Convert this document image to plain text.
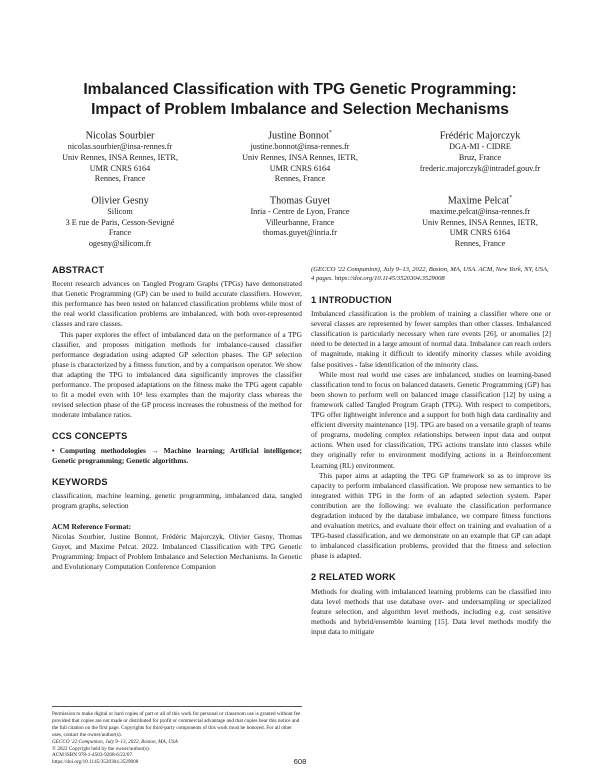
Imbalanced Classification with TPG Genetic Programming:
Impact of Problem Imbalance and Selection Mechanisms
Nicolas Sourbier
nicolas.sourbier@insa-rennes.fr
Univ Rennes, INSA Rennes, IETR,
UMR CNRS 6164
Rennes, France
Justine Bonnot*
justine.bonnot@insa-rennes.fr
Univ Rennes, INSA Rennes, IETR,
UMR CNRS 6164
Rennes, France
Frédéric Majorczyk
DGA-MI - CIDRE
Bruz, France
frederic.majorczyk@intradef.gouv.fr
Olivier Gesny
Silicom
3 E rue de Paris, Cesson-Sevigné
France
ogesny@silicom.fr
Thomas Guyet
Inria - Centre de Lyon, France
Villeurbanne, France
thomas.guyet@inria.fr
Maxime Pelcat*
maxime.pelcat@insa-rennes.fr
Univ Rennes, INSA Rennes, IETR,
UMR CNRS 6164
Rennes, France
ABSTRACT

Recent research advances on Tangled Program Graphs (TPGs) have demonstrated that Genetic Programming (GP) can be used to build accurate classifiers. However, this performance has been tested on balanced classification problems while most of the real world classification problems are imbalanced, with both over-represented classes and rare classes.

This paper explores the effect of imbalanced data on the performance of a TPG classifier, and proposes mitigation methods for imbalance-caused classifier performance degradation using adapted GP selection phases. The GP selection phase is characterized by a fitness function, and by a comparison operator. We show that adapting the TPG to imbalanced data significantly improves the classifier performance. The proposed adaptations on the fitness make the TPG agent capable to fit a model even with 10⁴ less examples than the majority class whereas the revised selection phase of the GP process increases the robustness of the method for moderate imbalance ratios.

CCS CONCEPTS

• Computing methodologies → Machine learning; Artificial intelligence; Genetic programming; Genetic algorithms.

KEYWORDS

classification, machine learning, genetic programming, imbalanced data, tangled program graphs, selection

ACM Reference Format:

Nicolas Sourbier, Justine Bonnot, Frédéric Majorczyk, Olivier Gesny, Thomas Guyet, and Maxime Pelcat. 2022. Imbalanced Classification with TPG Genetic Programming: Impact of Problem Imbalance and Selection Mechanisms. In Genetic and Evolutionary Computation Conference Companion

Permission to make digital or hard copies of part or all of this work for personal or classroom use is granted without fee provided that copies are not made or distributed for profit or commercial advantage and that copies bear this notice and the full citation on the first page. Copyrights for third-party components of this work must be honored. For all other uses, contact the owner/author(s).
GECCO '22 Companion, July 9–13, 2022, Boston, MA, USA
© 2022 Copyright held by the owner/author(s).
ACM ISBN 978-1-4503-9268-6/22/07.
https://doi.org/10.1145/3520304.3529008
(GECCO '22 Companion), July 9–13, 2022, Boston, MA, USA. ACM, New York, NY, USA, 4 pages. https://doi.org/10.1145/3520304.3529008
1 INTRODUCTION

Imbalanced classification is the problem of training a classifier where one or several classes are represented by fewer samples than other classes. Imbalanced classification is particularly necessary when rare events [26], or anomalies [2] need to be detected in a large amount of normal data. Imbalance can reach orders of magnitude, making it difficult to identify minority classes while avoiding false positives - false identification of the minority class.

While most real world use cases are imbalanced, studies on learning-based classification tend to focus on balanced datasets. Genetic Programming (GP) has been shown to perform well on balanced image classification [12] by using a framework called Tangled Program Graph (TPG). With respect to competitors, TPG offer lightweight inference and a support for both high data cardinality and efficient diversity maintenance [19]. TPG are based on a versatile graph of teams of programs, modeling complex relationships between input data and output actions. When used for classification, TPG actions translate into classes while they originally refer to environment modifying actions in a Reinforcement Learning (RL) environment.

This paper aims at adapting the TPG GP framework so as to improve its capacity to perform imbalanced classification. We propose new semantics to be integrated within TPG in the form of an adapted selection system. Paper contribution are the following: we evaluate the classification performance degradation induced by the database imbalance, we compare fitness functions and evaluation metrics, and evaluate their effect on training and evaluation of a TPG-based classification, and we demonstrate on an example that GP can adapt to imbalanced classification problems, provided that the fitness and selection phase is adapted.

2 RELATED WORK

Methods for dealing with imbalanced learning problems can be classified into data level methods that use database over- and undersampling or specialized feature selection, and algorithm level methods, including e.g. cost sensitive methods and hybrid/ensemble learning [15]. Data level methods modify the input data to mitigate

608
